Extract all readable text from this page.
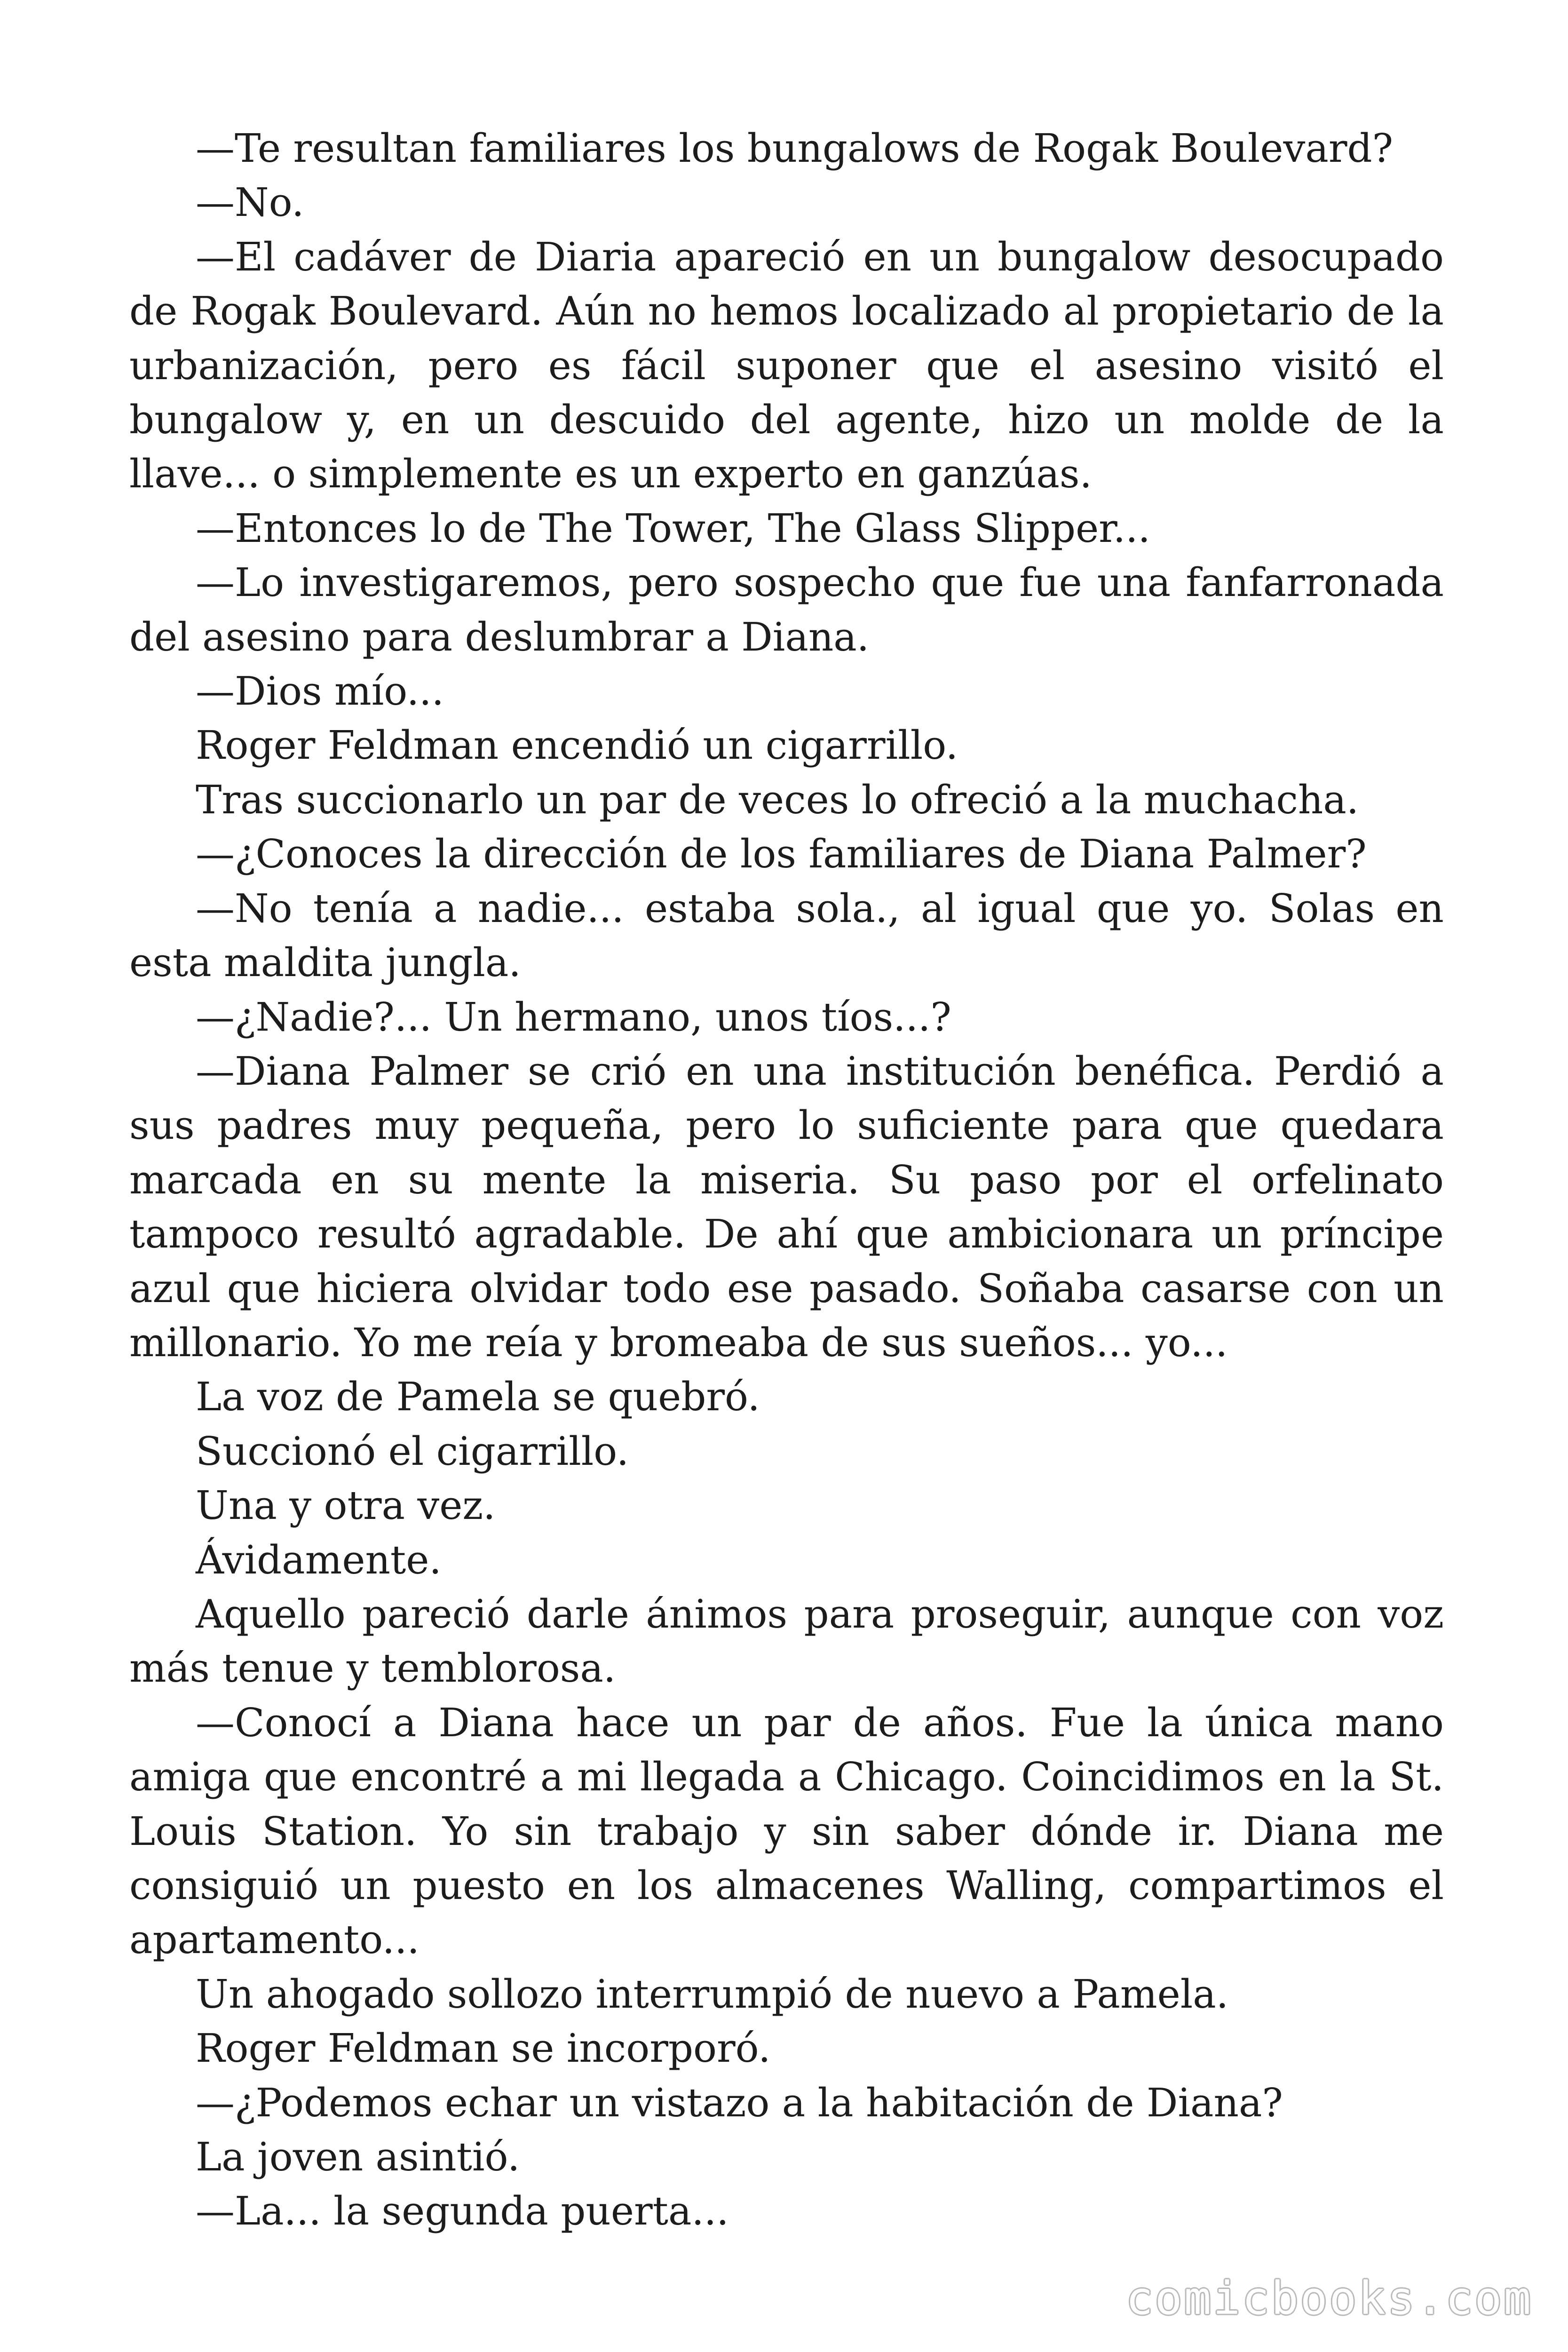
—Te resultan familiares los bungalows de Rogak Boulevard?

—No.

—El cadáver de Diaria apareció en un bungalow desocupado de Rogak Boulevard. Aún no hemos localizado al propietario de la urbanización, pero es fácil suponer que el asesino visitó el bungalow y, en un descuido del agente, hizo un molde de la llave... o simplemente es un experto en ganzúas.

—Entonces lo de The Tower, The Glass Slipper...

—Lo investigaremos, pero sospecho que fue una fanfarronada del asesino para deslumbrar a Diana.

—Dios mío...

Roger Feldman encendió un cigarrillo.

Tras succionarlo un par de veces lo ofreció a la muchacha.

—¿Conoces la dirección de los familiares de Diana Palmer?

—No tenía a nadie... estaba sola., al igual que yo. Solas en esta maldita jungla.

—¿Nadie?... Un hermano, unos tíos...?

—Diana Palmer se crió en una institución benéfica. Perdió a sus padres muy pequeña, pero lo suficiente para que quedara marcada en su mente la miseria. Su paso por el orfelinato tampoco resultó agradable. De ahí que ambicionara un príncipe azul que hiciera olvidar todo ese pasado. Soñaba casarse con un millonario. Yo me reía y bromeaba de sus sueños... yo...

La voz de Pamela se quebró.

Succionó el cigarrillo.

Una y otra vez.

Ávidamente.

Aquello pareció darle ánimos para proseguir, aunque con voz más tenue y temblorosa.

—Conocí a Diana hace un par de años. Fue la única mano amiga que encontré a mi llegada a Chicago. Coincidimos en la St. Louis Station. Yo sin trabajo y sin saber dónde ir. Diana me consiguió un puesto en los almacenes Walling, compartimos el apartamento...

Un ahogado sollozo interrumpió de nuevo a Pamela.

Roger Feldman se incorporó.

—¿Podemos echar un vistazo a la habitación de Diana?

La joven asintió.

—La... la segunda puerta...

comicbooks.com
